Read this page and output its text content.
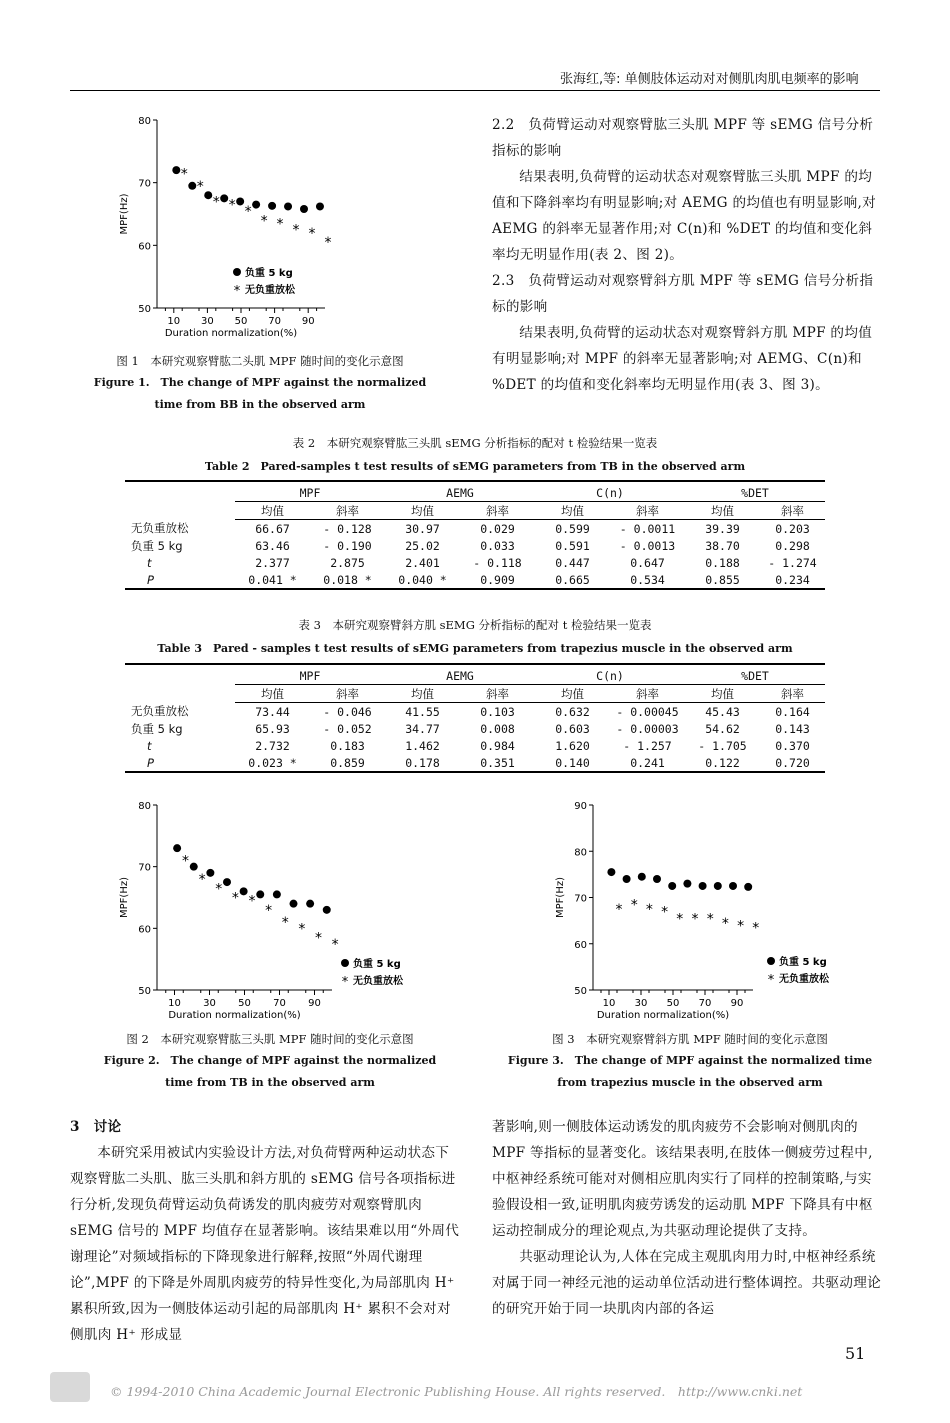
张海红,等: 单侧肢体运动对对侧肌肉肌电频率的影响
50
60
70
80
10 30 50 70 90
Duration normalization(%)
MPF(Hz)
负重 5 kg
*
*
* * *
* * * *
*
* 无负重放松
图 1　本研究观察臂肱二头肌 MPF 随时间的变化示意图
Figure 1.　The change of MPF against the normalized
time from BB in the observed arm
2.2　负荷臂运动对观察臂肱三头肌 MPF 等 sEMG 信号分析指标的影响
结果表明,负荷臂的运动状态对观察臂肱三头肌 MPF 的均值和下降斜率均有明显影响;对 AEMG 的均值也有明显影响,对 AEMG 的斜率无显著作用;对 C(n)和 %DET 的均值和变化斜率均无明显作用(表 2、图 2)。
2.3　负荷臂运动对观察臂斜方肌 MPF 等 sEMG 信号分析指标的影响
结果表明,负荷臂的运动状态对观察臂斜方肌 MPF 的均值有明显影响;对 MPF 的斜率无显著影响;对 AEMG、C(n)和 %DET 的均值和变化斜率均无明显作用(表 3、图 3)。
表 2　本研究观察臂肱三头肌 sEMG 分析指标的配对 t 检验结果一览表
Table 2　Pared-samples t test results of sEMG parameters from TB in the observed arm
	MPF		AEMG		C(n)		%DET	
	均值	斜率	均值	斜率	均值	斜率	均值	斜率
无负重放松	66.67	- 0.128	30.97	0.029	0.599	- 0.0011	39.39	0.203
负重 5 kg	63.46	- 0.190	25.02	0.033	0.591	- 0.0013	38.70	0.298
t	2.377	2.875	2.401	- 0.118	0.447	0.647	0.188	- 1.274
P	0.041 *	0.018 *	0.040 *	0.909	0.665	0.534	0.855	0.234
表 3　本研究观察臂斜方肌 sEMG 分析指标的配对 t 检验结果一览表
Table 3　Pared - samples t test results of sEMG parameters from trapezius muscle in the observed arm
	MPF		AEMG		C(n)		%DET	
	均值	斜率	均值	斜率	均值	斜率	均值	斜率
无负重放松	73.44	- 0.046	41.55	0.103	0.632	- 0.00045	45.43	0.164
负重 5 kg	65.93	- 0.052	34.77	0.008	0.603	- 0.00003	54.62	0.143
t	2.732	0.183	1.462	0.984	1.620	- 1.257	- 1.705	0.370
P	0.023 *	0.859	0.178	0.351	0.140	0.241	0.122	0.720
50
60
70
80
10 30 50 70 90
Duration normalization(%)
MPF(Hz)
负重 5 kg
*
*
*
* *
*
* *
* *
* 无负重放松
图 2　本研究观察臂肱三头肌 MPF 随时间的变化示意图
Figure 2.　The change of MPF against the normalized
time from TB in the observed arm
50
60
70
80
90
10 30 50 70 90
Duration normalization(%)
MPF(Hz)
负重 5 kg
* * * * * * * * * *
* 无负重放松
图 3　本研究观察臂斜方肌 MPF 随时间的变化示意图
Figure 3.　The change of MPF against the normalized time
from trapezius muscle in the observed arm
3　讨论
本研究采用被试内实验设计方法,对负荷臂两种运动状态下观察臂肱二头肌、肱三头肌和斜方肌的 sEMG 信号各项指标进行分析,发现负荷臂运动负荷诱发的肌肉疲劳对观察臂肌肉 sEMG 信号的 MPF 均值存在显著影响。该结果难以用“外周代谢理论”对频域指标的下降现象进行解释,按照“外周代谢理论”,MPF 的下降是外周肌肉疲劳的特异性变化,为局部肌肉 H⁺ 累积所致,因为一侧肢体运动引起的局部肌肉 H⁺ 累积不会对对侧肌肉 H⁺ 形成显
著影响,则一侧肢体运动诱发的肌肉疲劳不会影响对侧肌肉的 MPF 等指标的显著变化。该结果表明,在肢体一侧疲劳过程中,中枢神经系统可能对对侧相应肌肉实行了同样的控制策略,与实验假设相一致,证明肌肉疲劳诱发的运动肌 MPF 下降具有中枢运动控制成分的理论观点,为共驱动理论提供了支持。
共驱动理论认为,人体在完成主观肌肉用力时,中枢神经系统对属于同一神经元池的运动单位活动进行整体调控。共驱动理论的研究开始于同一块肌肉内部的各运
51
© 1994-2010 China Academic Journal Electronic Publishing House. All rights reserved.　http://www.cnki.net
